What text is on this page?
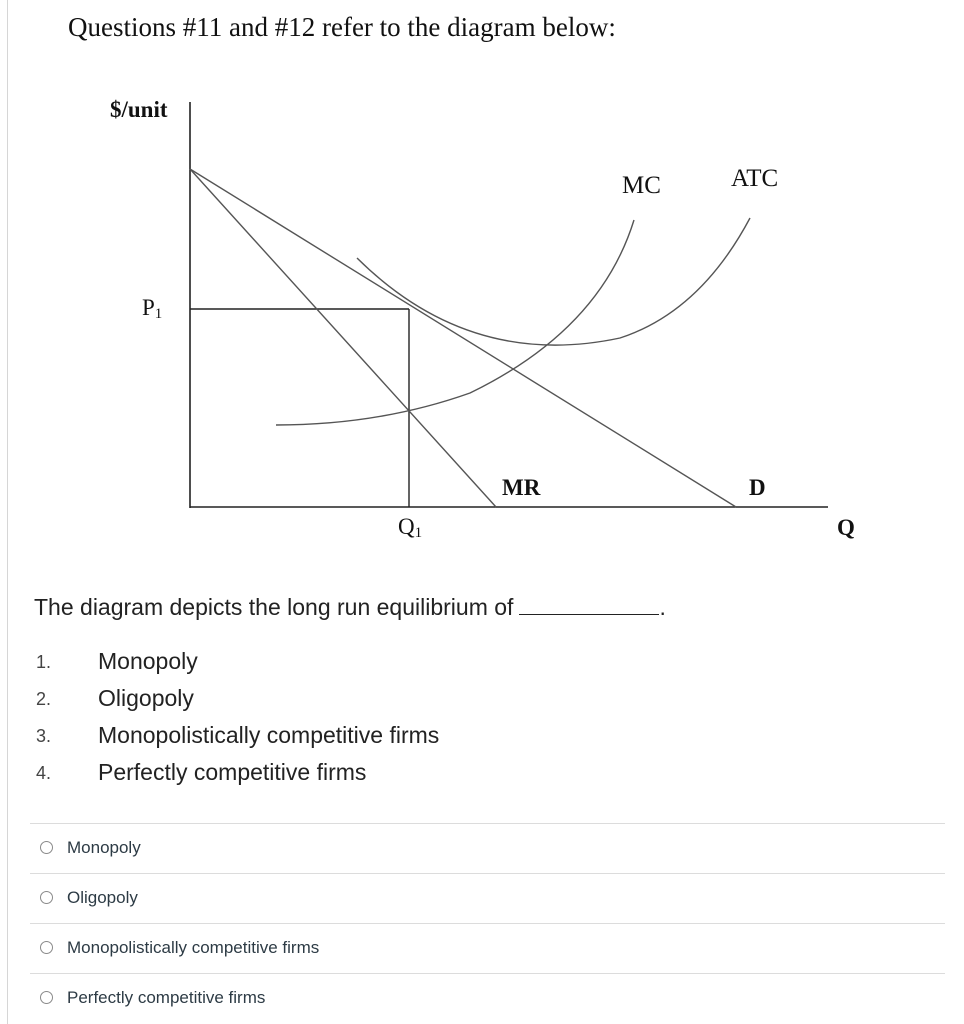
Questions #11 and #12 refer to the diagram below:
$/unit
Q
P1
Q1
MC	ATC
MR	D
The diagram depicts the long run equilibrium of	.
1. Monopoly
2. Oligopoly
3. Monopolistically competitive firms
4. Perfectly competitive firms
Monopoly
Oligopoly
Monopolistically competitive firms
Perfectly competitive firms
